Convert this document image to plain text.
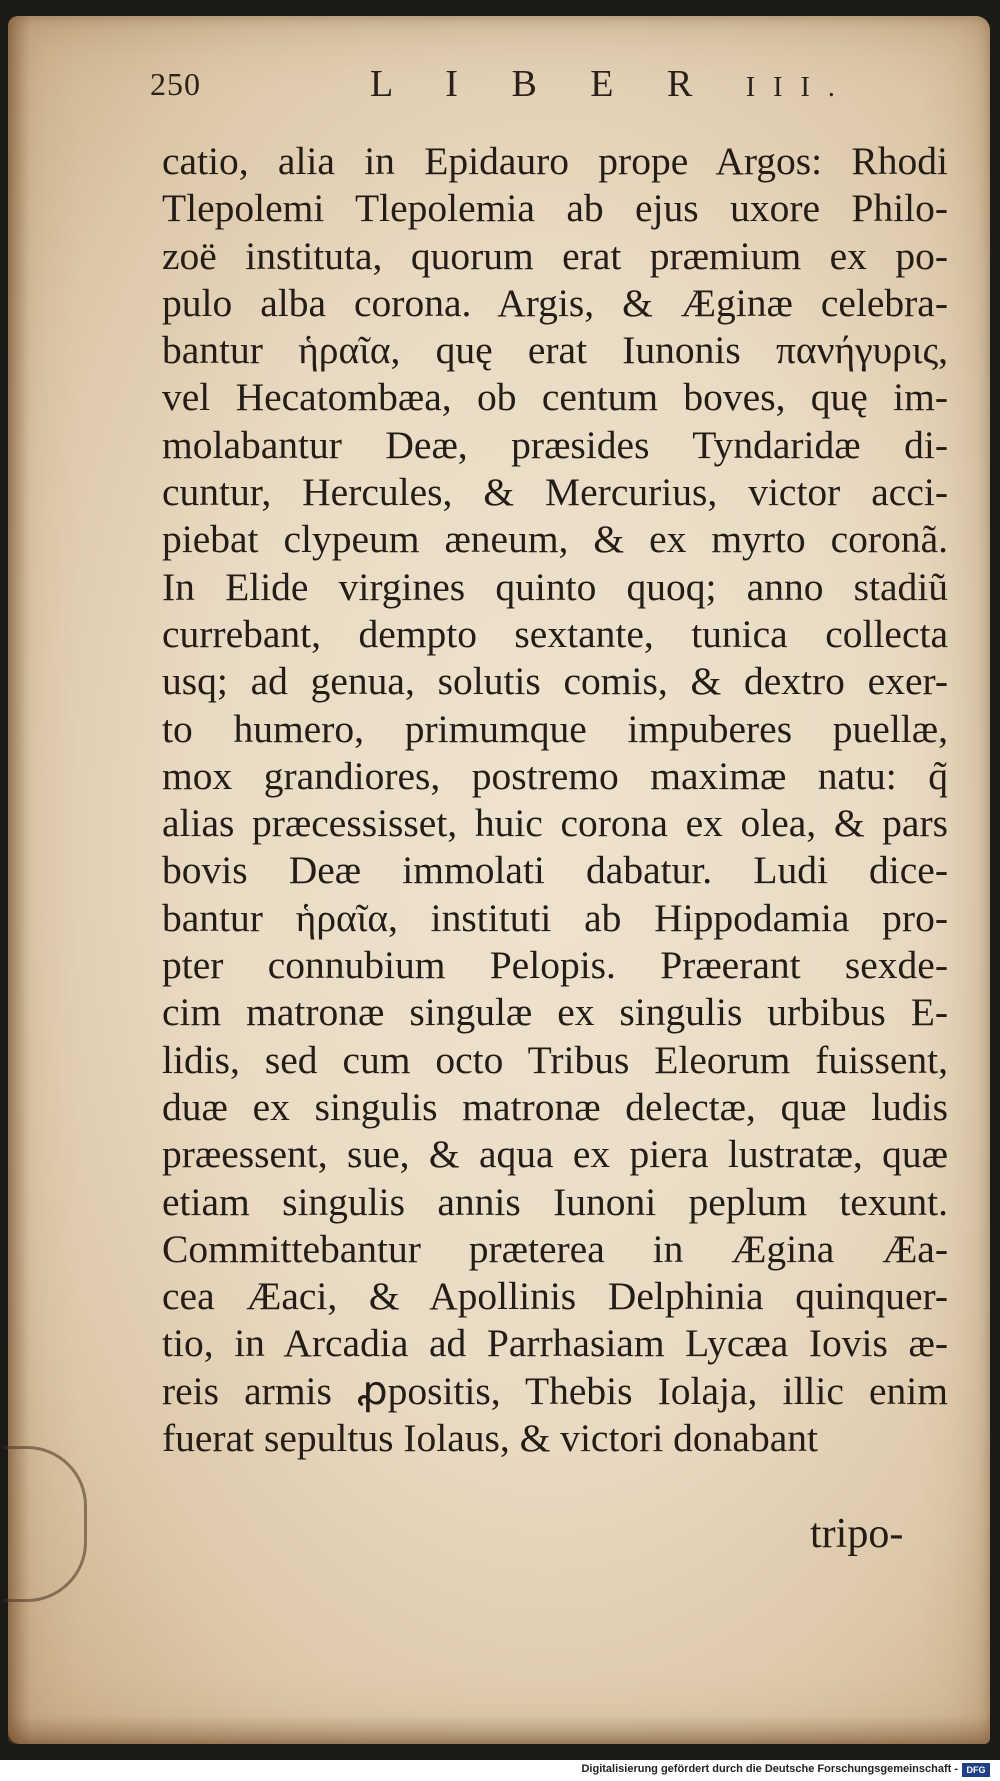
250	L I B E R III.
catio, alia in Epidauro prope Argos: Rhodi
Tlepolemi Tlepolemia ab ejus uxore Philo-
zoë instituta, quorum erat præmium ex po-
pulo alba corona. Argis, & Æginæ celebra-
bantur ἡραῖα, quę erat Iunonis πανήγυρις,
vel Hecatombæa, ob centum boves, quę im-
molabantur Deæ, præsides Tyndaridæ di-
cuntur, Hercules, & Mercurius, victor acci-
piebat clypeum æneum, & ex myrto coronã.
In Elide virgines quinto quoq; anno stadiũ
currebant, dempto sextante, tunica collecta
usq; ad genua, solutis comis, & dextro exer-
to humero, primumque impuberes puellæ,
mox grandiores, postremo maximæ natu: q̃
alias præcessisset, huic corona ex olea, & pars
bovis Deæ immolati dabatur. Ludi dice-
bantur ἡραῖα, instituti ab Hippodamia pro-
pter connubium Pelopis. Præerant sexde-
cim matronæ singulæ ex singulis urbibus E-
lidis, sed cum octo Tribus Eleorum fuissent,
duæ ex singulis matronæ delectæ, quæ ludis
præessent, sue, & aqua ex piera lustratæ, quæ
etiam singulis annis Iunoni peplum texunt.
Committebantur præterea in Ægina Æa-
cea Æaci, & Apollinis Delphinia quinquer-
tio, in Arcadia ad Parrhasiam Lycæa Iovis æ-
reis armis ꝓpositis, Thebis Iolaja, illic enim
fuerat sepultus Iolaus, & victori donabant
tripo-
Digitalisierung gefördert durch die Deutsche Forschungsgemeinschaft - DFG
